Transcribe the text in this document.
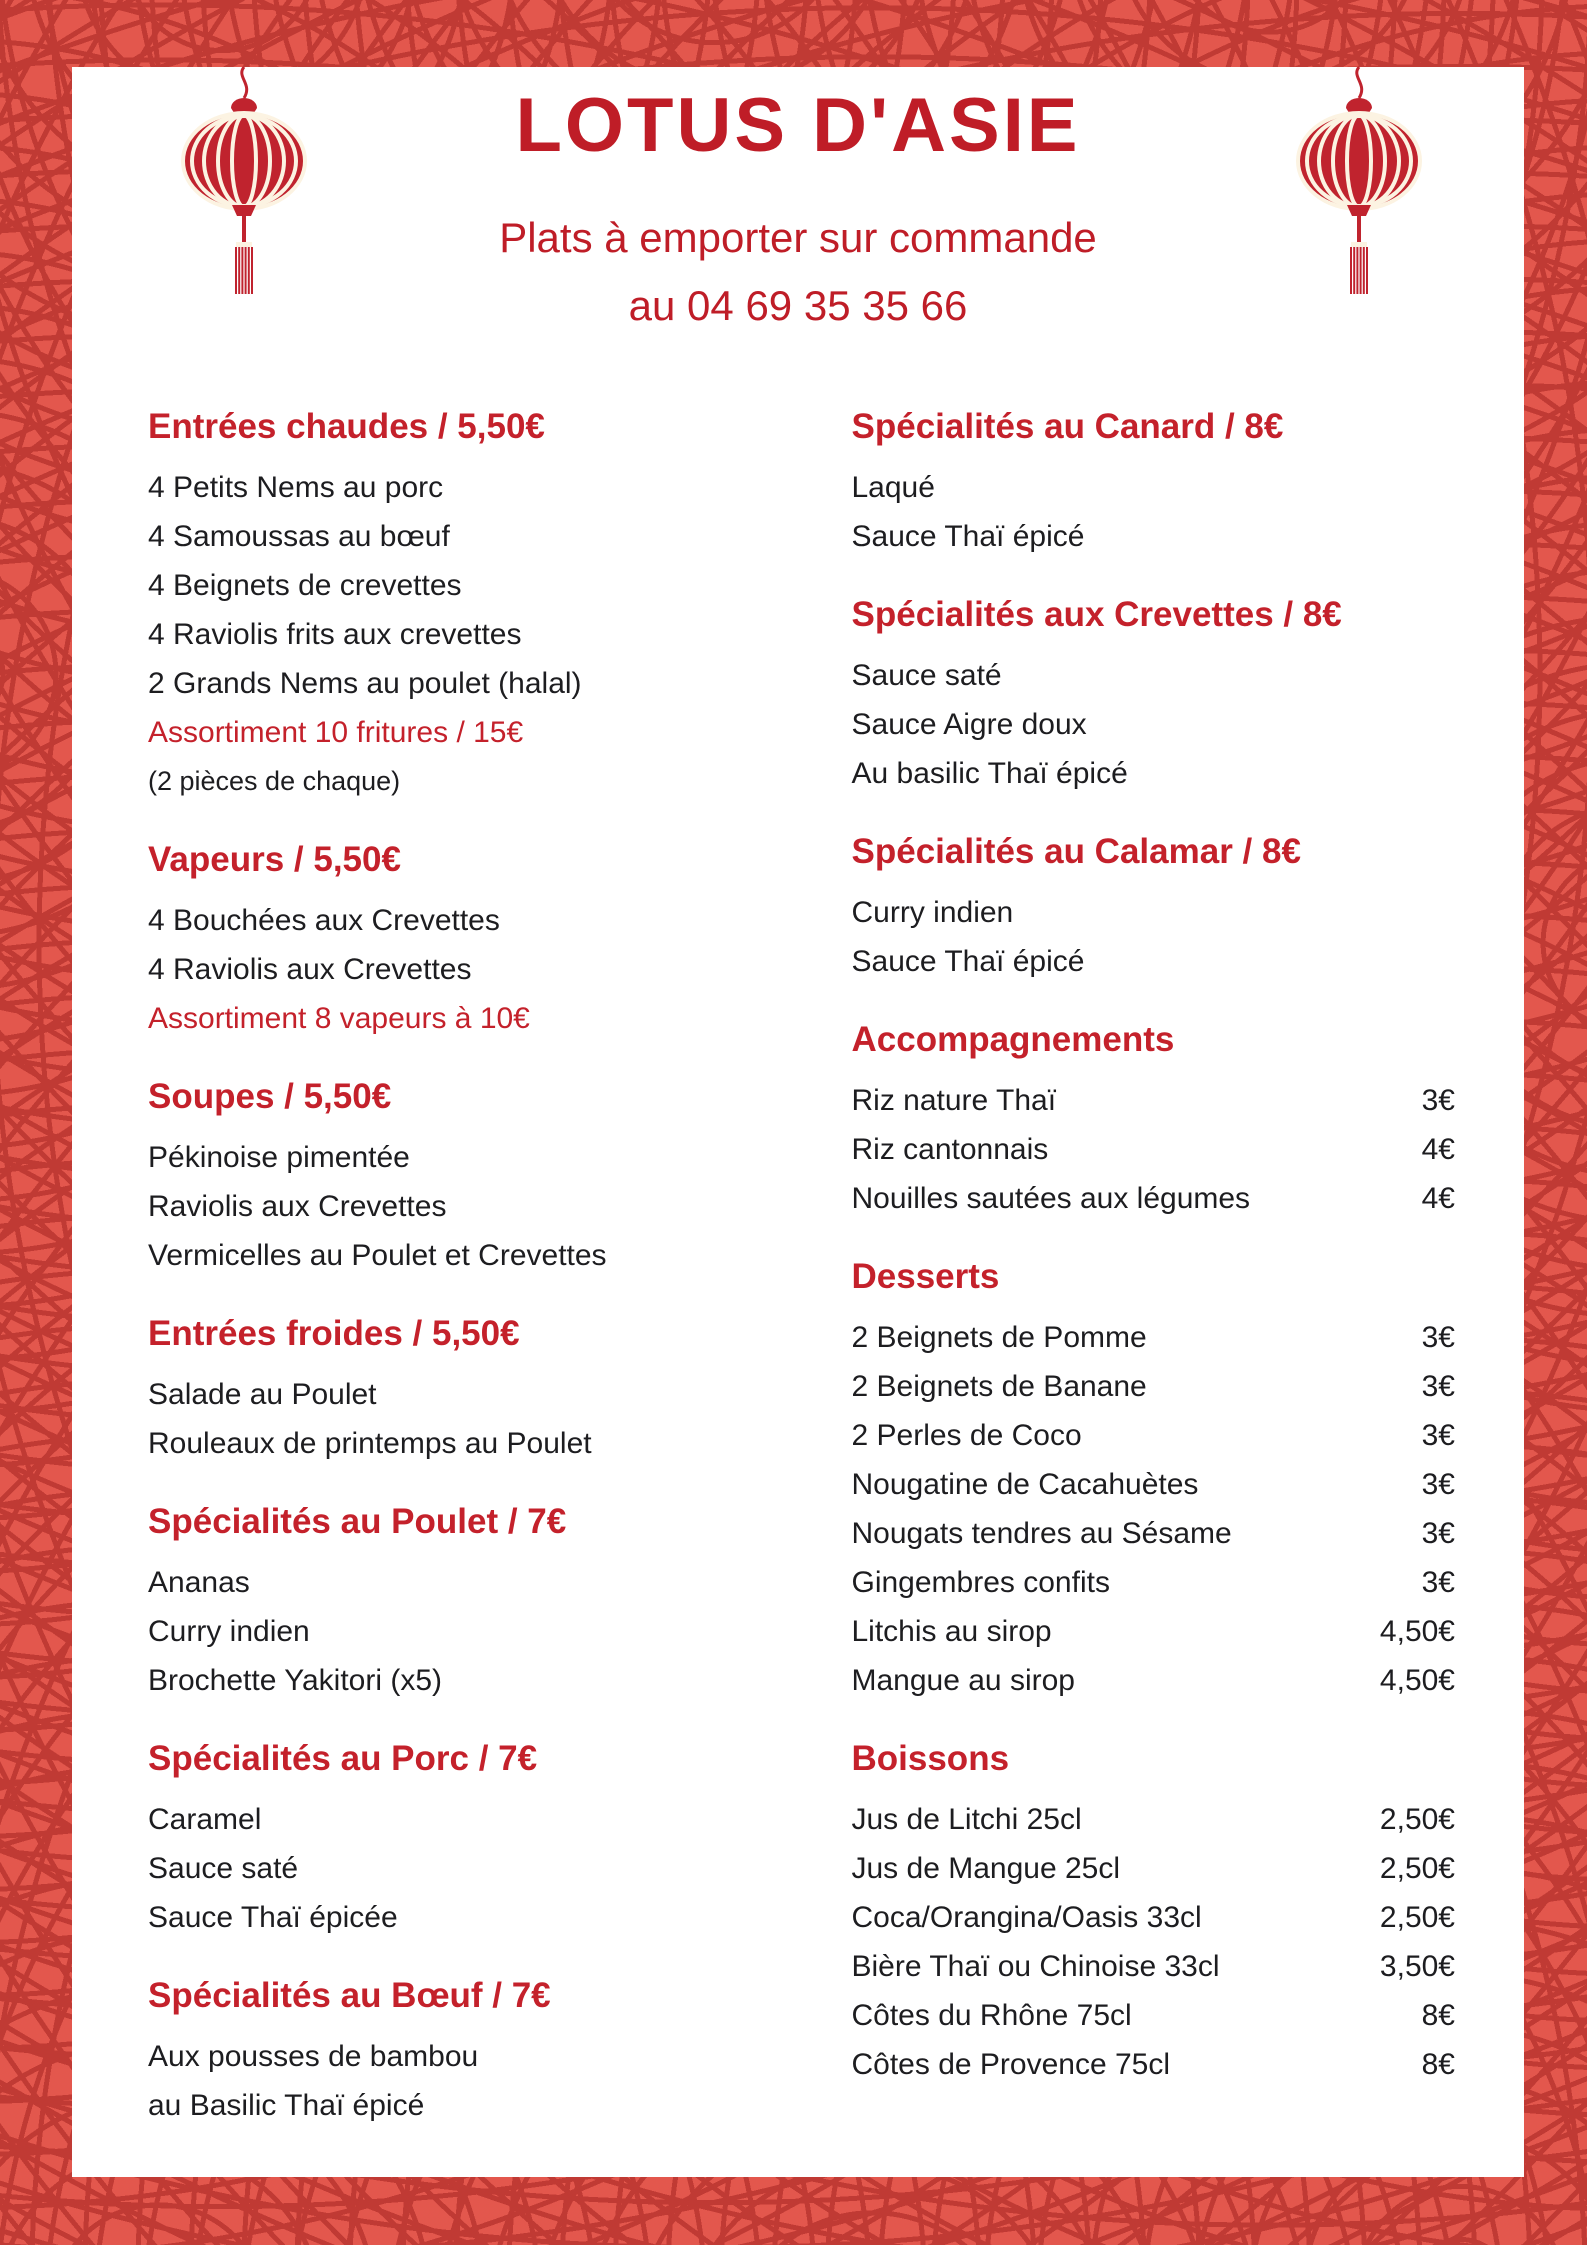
LOTUS D'ASIE

Plats à emporter sur commande

au 04 69 35 35 66

Entrées chaudes / 5,50€
4 Petits Nems au porc
4 Samoussas au bœuf
4 Beignets de crevettes
4 Raviolis frits aux crevettes
2 Grands Nems au poulet (halal)
Assortiment 10 fritures / 15€
(2 pièces de chaque)
Vapeurs / 5,50€
4 Bouchées aux Crevettes
4 Raviolis aux Crevettes
Assortiment 8 vapeurs à 10€
Soupes / 5,50€
Pékinoise pimentée
Raviolis aux Crevettes
Vermicelles au Poulet et Crevettes
Entrées froides / 5,50€
Salade au Poulet
Rouleaux de printemps au Poulet
Spécialités au Poulet / 7€
Ananas
Curry indien
Brochette Yakitori (x5)
Spécialités au Porc / 7€
Caramel
Sauce saté
Sauce Thaï épicée
Spécialités au Bœuf / 7€
Aux pousses de bambou
au Basilic Thaï épicé
Spécialités au Canard / 8€
Laqué
Sauce Thaï épicé
Spécialités aux Crevettes / 8€
Sauce saté
Sauce Aigre doux
Au basilic Thaï épicé
Spécialités au Calamar / 8€
Curry indien
Sauce Thaï épicé
Accompagnements
Riz nature Thaï	3€
Riz cantonnais	4€
Nouilles sautées aux légumes	4€
Desserts
2 Beignets de Pomme	3€
2 Beignets de Banane	3€
2 Perles de Coco	3€
Nougatine de Cacahuètes	3€
Nougats tendres au Sésame	3€
Gingembres confits	3€
Litchis au sirop	4,50€
Mangue au sirop	4,50€
Boissons
Jus de Litchi 25cl	2,50€
Jus de Mangue 25cl	2,50€
Coca/Orangina/Oasis 33cl	2,50€
Bière Thaï ou Chinoise 33cl	3,50€
Côtes du Rhône 75cl	8€
Côtes de Provence 75cl	8€
